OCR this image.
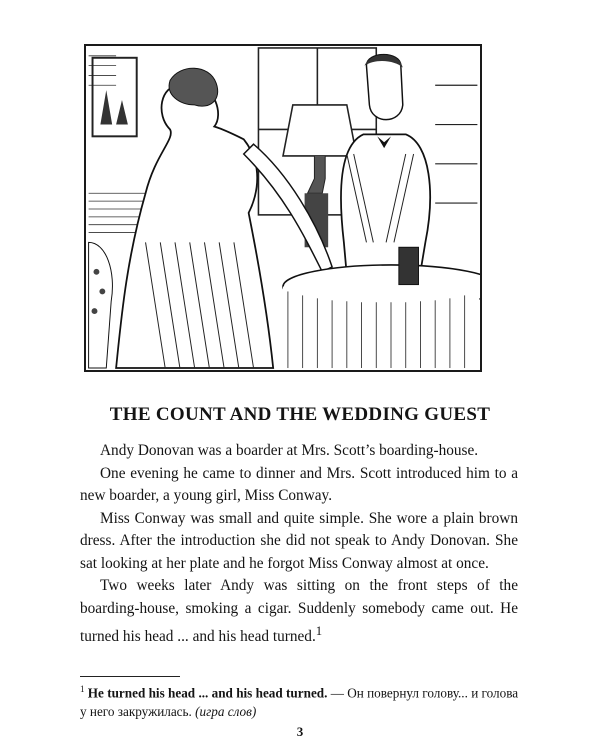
THE COUNT AND THE WEDDING GUEST

Andy Donovan was a boarder at Mrs. Scott’s boarding-house.

One evening he came to dinner and Mrs. Scott introduced him to a new boarder, a young girl, Miss Conway.

Miss Conway was small and quite simple. She wore a plain brown dress. After the introduction she did not speak to Andy Donovan. She sat looking at her plate and he forgot Miss Conway almost at once.

Two weeks later Andy was sitting on the front steps of the boarding-house, smoking a cigar. Suddenly somebody came out. He turned his head ... and his head turned.$^1$

$^1$ He turned his head ... and his head turned. — Он повернул голову... и голова у него закружилась. (игра слов)
3
